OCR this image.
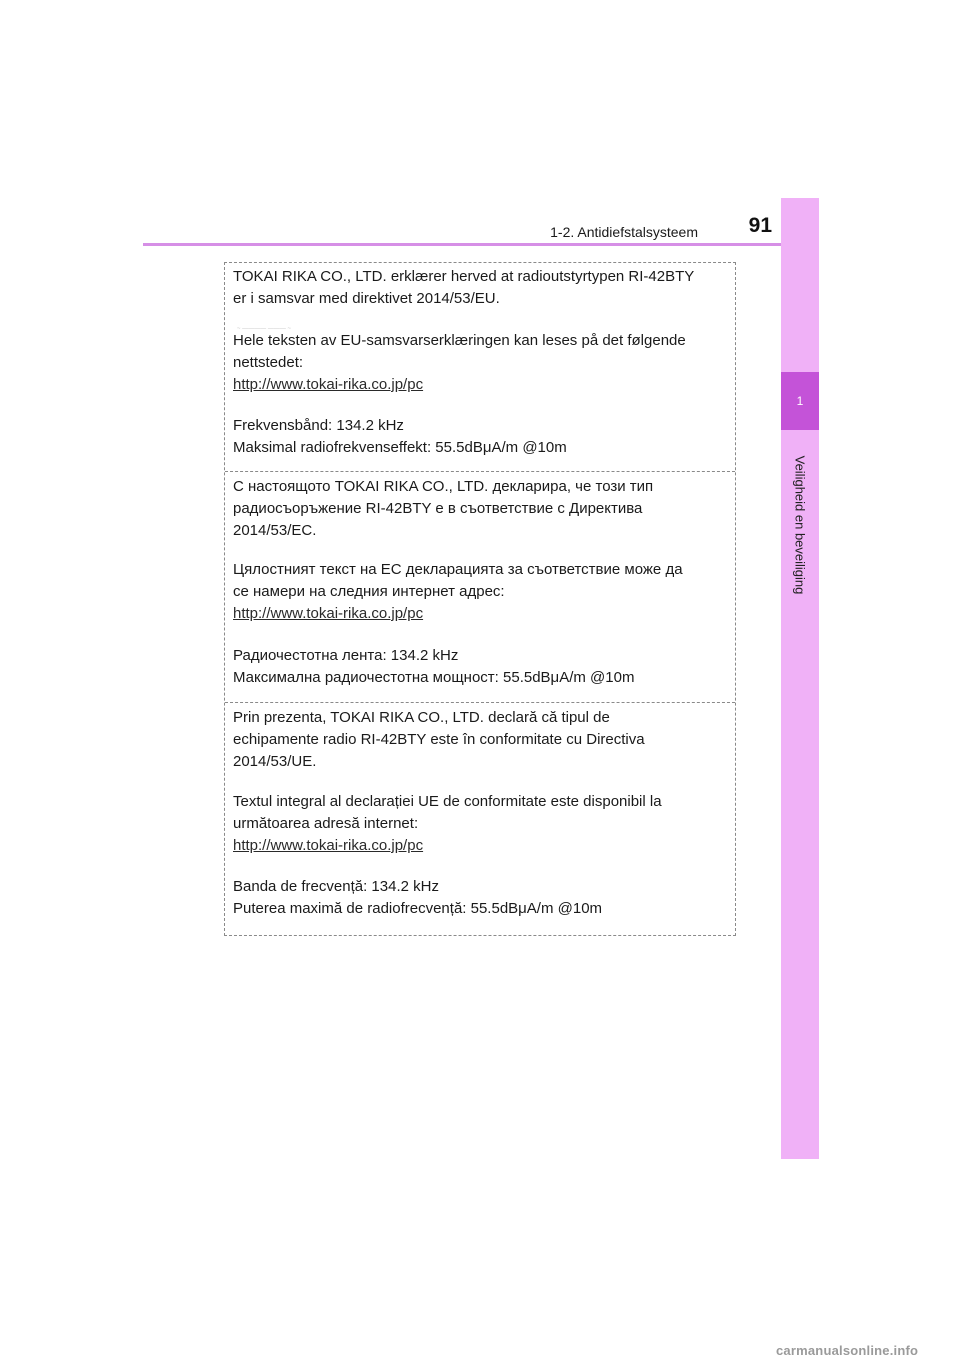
1-2. Antidiefstalsysteem	91
1
Veiligheid en beveiliging

TOKAI RIKA CO., LTD. erklærer herved at radioutstyrtypen RI-42BTY

er i samsvar med direktivet 2014/53/EU.

~ ———— ——— ~

Hele teksten av EU-samsvarserklæringen kan leses på det følgende

nettstedet:

http://www.tokai-rika.co.jp/pc

Frekvensbånd: 134.2 kHz

Maksimal radiofrekvenseffekt: 55.5dBμA/m @10m

С настоящото TOKAI RIKA CO., LTD. декларира, че този тип

радиосъоръжение RI-42BTY е в съответствие с Директива

2014/53/ЕС.

Цялостният текст на ЕС декларацията за съответствие може да

се намери на следния интернет адрес:

http://www.tokai-rika.co.jp/pc

Радиочестотна лента: 134.2 kHz

Максимална радиочестотна мощност: 55.5dBμA/m @10m

Prin prezenta, TOKAI RIKA CO., LTD. declară că tipul de

echipamente radio RI-42BTY este în conformitate cu Directiva

2014/53/UE.

Textul integral al declarației UE de conformitate este disponibil la

următoarea adresă internet:

http://www.tokai-rika.co.jp/pc

Banda de frecvență: 134.2 kHz

Puterea maximă de radiofrecvență: 55.5dBμA/m @10m

carmanualsonline.info
